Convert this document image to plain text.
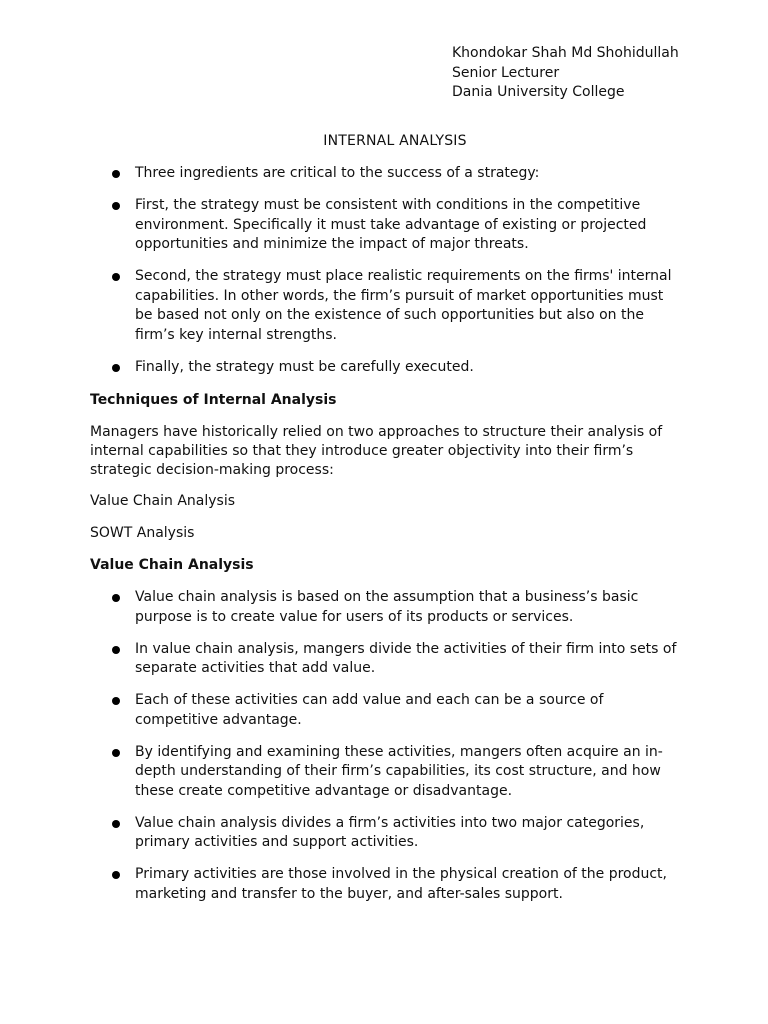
Khondokar Shah Md Shohidullah
Senior Lecturer
Dania University College
INTERNAL ANALYSIS
Three ingredients are critical to the success of a strategy:
First, the strategy must be consistent with conditions in the competitive environment. Specifically it must take advantage of existing or projected opportunities and minimize the impact of major threats.
Second, the strategy must place realistic requirements on the firms' internal capabilities. In other words, the firm’s pursuit of market opportunities must be based not only on the existence of such opportunities but also on the firm’s key internal strengths.
Finally, the strategy must be carefully executed.
Techniques of Internal Analysis
Managers have historically relied on two approaches to structure their analysis of internal capabilities so that they introduce greater objectivity into their firm’s strategic decision-making process:
Value Chain Analysis
SOWT Analysis
Value Chain Analysis
Value chain analysis is based on the assumption that a business’s basic purpose is to create value for users of its products or services.
In value chain analysis, mangers divide the activities of their firm into sets of separate activities that add value.
Each of these activities can add value and each can be a source of competitive advantage.
By identifying and examining these activities, mangers often acquire an in-depth understanding of their firm’s capabilities, its cost structure, and how these create competitive advantage or disadvantage.
Value chain analysis divides a firm’s activities into two major categories, primary activities and support activities.
Primary activities are those involved in the physical creation of the product, marketing and transfer to the buyer, and after-sales support.
